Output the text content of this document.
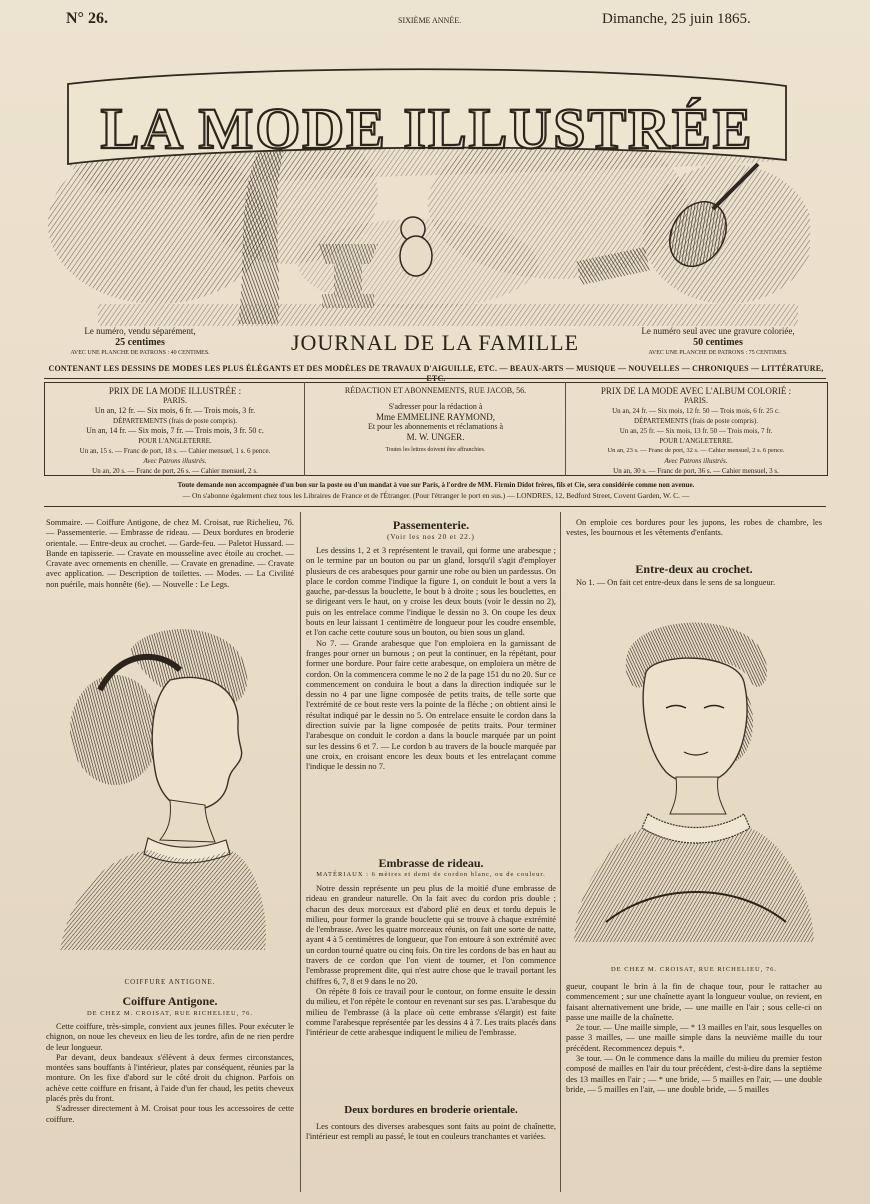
N° 26.	SIXIÈME ANNÉE.	Dimanche, 25 juin 1865.
LA MODE ILLUSTRÉE
Le numéro, vendu séparément,
25 centimes
AVEC UNE PLANCHE DE PATRONS : 40 CENTIMES.	JOURNAL DE LA FAMILLE	Le numéro seul avec une gravure coloriée,
50 centimes
AVEC UNE PLANCHE DE PATRONS : 75 CENTIMES.
CONTENANT LES DESSINS DE MODES LES PLUS ÉLÉGANTS ET DES MODÈLES DE TRAVAUX D'AIGUILLE, ETC. — BEAUX-ARTS — MUSIQUE — NOUVELLES — CHRONIQUES — LITTÉRATURE,
PRIX DE LA MODE ILLUSTRÉE :
PARIS.
Un an, 12 fr. — Six mois, 6 fr. — Trois mois, 3 fr.
DÉPARTEMENTS (frais de poste compris).
Un an, 14 fr. — Six mois, 7 fr. — Trois mois, 3 fr. 50 c.
POUR L'ANGLETERRE.
Un an, 15 s. — Franc de port, 18 s. — Cahier mensuel, 1 s. 6 pence.
Avec Patrons illustrés.
Un an, 20 s. — Franc de port, 26 s. — Cahier mensuel, 2 s.
RÉDACTION ET ABONNEMENTS, RUE JACOB, 56.
S'adresser pour la rédaction à
Mme EMMELINE RAYMOND,
Et pour les abonnements et réclamations à
M. W. UNGER.
Toutes les lettres doivent être affranchies.
PRIX DE LA MODE AVEC L'ALBUM COLORIÉ :
PARIS.
Un an, 24 fr. — Six mois, 12 fr. 50 — Trois mois, 6 fr. 25 c.
DÉPARTEMENTS (frais de poste compris).
Un an, 25 fr. — Six mois, 13 fr. 50 — Trois mois, 7 fr.
POUR L'ANGLETERRE.
Un an, 23 s. — Franc de port, 32 s. — Cahier mensuel, 2 s. 6 pence.
Avec Patrons illustrés.
Un an, 30 s. — Franc de port, 36 s. — Cahier mensuel, 3 s.
Toute demande non accompagnée d'un bon sur la poste ou d'un mandat à vue sur Paris, à l'ordre de MM. Firmin Didot frères, fils et Cie, sera considérée comme non avenue.
— On s'abonne également chez tous les Libraires de France et de l'Étranger. (Pour l'étranger le port en sus.) — LONDRES, 12, Bedford Street, Covent Garden, W. C. —
Sommaire. — Coiffure Antigone, de chez M. Croisat, rue Richelieu, 76. — Passementerie. — Embrasse de rideau. — Deux bordures en broderie orientale. — Entre-deux au crochet. — Garde-feu. — Paletot Hussard. — Bande en tapisserie. — Cravate en mousseline avec étoile au crochet. — Cravate avec ornements en chenille. — Cravate en grenadine. — Cravate avec application. — Description de toilettes. — Modes. — La Civilité non puérile, mais honnête (6e). — Nouvelle : Le Legs.
COIFFURE ANTIGONE.
Coiffure Antigone.
DE CHEZ M. CROISAT, RUE RICHELIEU, 76.

Cette coiffure, très-simple, convient aux jeunes filles. Pour exécuter le chignon, on noue les cheveux en lieu de les tordre, afin de ne rien perdre de leur longueur.

Par devant, deux bandeaux s'élèvent à deux fermes circonstances, montées sans bouffants à l'intérieur, plates par conséquent, réunies par la monture. On les fixe d'abord sur le côté droit du chignon. Parfois on achève cette coiffure en frisant, à l'aide d'un fer chaud, les petits cheveux placés près du front.

S'adresser directement à M. Croisat pour tous les accessoires de cette coiffure.

Passementerie.
(Voir les nos 20 et 22.)

Les dessins 1, 2 et 3 représentent le travail, qui forme une arabesque ; on le termine par un bouton ou par un gland, lorsqu'il s'agit d'employer plusieurs de ces arabesques pour garnir une robe ou bien un pardessus. On place le cordon comme l'indique la figure 1, on conduit le bout a vers la gauche, par-dessus la bouclette, le bout b à droite ; sous les bouclettes, en se dirigeant vers le haut, on y croise les deux bouts (voir le dessin no 2), puis on les entrelace comme l'indique le dessin no 3. On coupe les deux bouts en leur laissant 1 centimètre de longueur pour les coudre ensemble, et l'on cache cette couture sous un bouton, ou bien sous un gland.

No 7. — Grande arabesque que l'on emploiera en la garnissant de franges pour orner un burnous ; on peut la continuer, en la répétant, pour former une bordure. Pour faire cette arabesque, on emploiera un mètre de cordon. On la commencera comme le no 2 de la page 151 du no 20. Sur ce commencement on conduira le bout a dans la direction indiquée sur le dessin no 4 par une ligne composée de petits traits, de telle sorte que l'extrémité de ce bout reste vers la pointe de la flèche ; on obtient ainsi le résultat indiqué par le dessin no 5. On entrelace ensuite le cordon dans la direction suivie par la ligne composée de petits traits. Pour terminer l'arabesque on conduit le cordon a dans la boucle marquée par un point sur les dessins 6 et 7. — Le cordon b au travers de la boucle marquée par une croix, en croisant encore les deux bouts et les entrelaçant comme l'indique le dessin no 7.

Embrasse de rideau.
MATÉRIAUX : 6 mètres et demi de cordon blanc, ou de couleur.

Notre dessin représente un peu plus de la moitié d'une embrasse de rideau en grandeur naturelle. On la fait avec du cordon pris double ; chacun des deux morceaux est d'abord plié en deux et tordu depuis le milieu, pour former la grande bouclette qui se trouve à chaque extrémité de l'embrasse. Avec les quatre morceaux réunis, on fait une sorte de natte, ayant 4 à 5 centimètres de longueur, que l'on entoure à son extrémité avec un cordon tourné quatre ou cinq fois. On tire les cordons de bas en haut au travers de ce cordon que l'on vient de tourner, et l'on commence l'embrasse proprement dite, qui n'est autre chose que le travail portant les chiffres 6, 7, 8 et 9 dans le no 20.

On répète 8 fois ce travail pour le contour, on forme ensuite le dessin du milieu, et l'on répète le contour en revenant sur ses pas. L'arabesque du milieu de l'embrasse (à la place où cette embrasse s'élargit) est faite comme l'arabesque représentée par les dessins 4 à 7. Les traits placés dans l'intérieur de cette arabesque indiquent le milieu de l'embrasse.

Deux bordures en broderie orientale.

Les contours des diverses arabesques sont faits au point de chaînette, l'intérieur est rempli au passé, le tout en couleurs tranchantes et variées.

On emploie ces bordures pour les jupons, les robes de chambre, les vestes, les bournous et les vêtements d'enfants.

Entre-deux au crochet.

No 1. — On fait cet entre-deux dans le sens de sa longueur.

DE CHEZ M. CROISAT, RUE RICHELIEU, 76.

gueur, coupant le brin à la fin de chaque tour, pour le rattacher au commencement ; sur une chaînette ayant la longueur voulue, on revient, en faisant alternativement une bride, — une maille en l'air ; sous celle-ci on passe une maille de la chaînette.

2e tour. — Une maille simple, — * 13 mailles en l'air, sous lesquelles on passe 3 mailles, — une maille simple dans la neuvième maille du tour précédent. Recommencez depuis *.

3e tour. — On le commence dans la maille du milieu du premier feston composé de mailles en l'air du tour précédent, c'est-à-dire dans la septième des 13 mailles en l'air ; — * une bride, — 5 mailles en l'air, — une double bride, — 5 mailles en l'air, — une double bride, — 5 mailles
